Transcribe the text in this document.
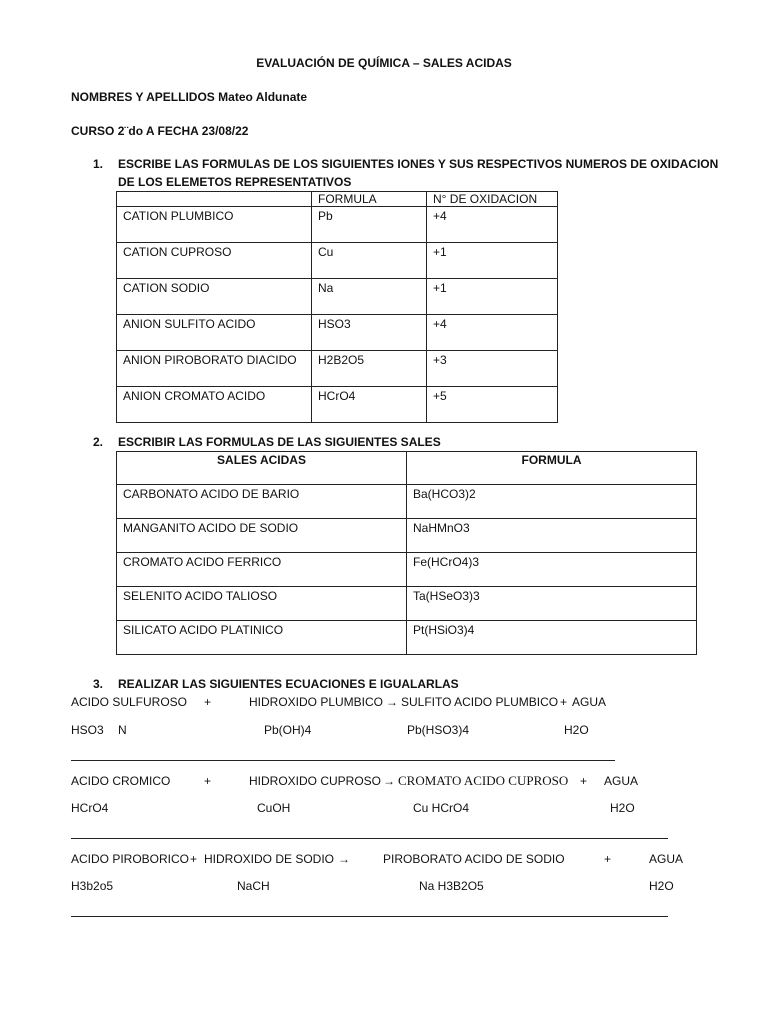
EVALUACIÓN DE QUÍMICA – SALES ACIDAS
NOMBRES Y APELLIDOS Mateo Aldunate
CURSO 2¨do A FECHA 23/08/22
1. ESCRIBE LAS FORMULAS DE LOS SIGUIENTES IONES Y SUS RESPECTIVOS NUMEROS DE OXIDACION
DE LOS ELEMETOS REPRESENTATIVOS
	FORMULA	N° DE OXIDACION
CATION PLUMBICO	Pb	+4
CATION CUPROSO	Cu	+1
CATION SODIO	Na	+1
ANION SULFITO ACIDO	HSO3	+4
ANION PIROBORATO DIACIDO	H2B2O5	+3
ANION CROMATO ACIDO	HCrO4	+5
2. ESCRIBIR LAS FORMULAS DE LAS SIGUIENTES SALES
SALES ACIDAS	FORMULA
CARBONATO ACIDO DE BARIO	Ba(HCO3)2
MANGANITO ACIDO DE SODIO	NaHMnO3
CROMATO ACIDO FERRICO	Fe(HCrO4)3
SELENITO ACIDO TALIOSO	Ta(HSeO3)3
SILICATO ACIDO PLATINICO	Pt(HSiO3)4
3. REALIZAR LAS SIGUIENTES ECUACIONES E IGUALARLAS
ACIDO SULFUROSO +	HIDROXIDO PLUMBICO → SULFITO ACIDO PLUMBICO + AGUA
HSO3 N	Pb(OH)4	Pb(HSO3)4	H2O
ACIDO CROMICO	+	HIDROXIDO CUPROSO → CROMATO ACIDO CUPROSO + AGUA
HCrO4	CuOH	Cu HCrO4	H2O
ACIDO PIROBORICO + HIDROXIDO DE SODIO →	PIROBORATO ACIDO DE SODIO	+	AGUA
H3b2o5	NaCH	Na H3B2O5	H2O
